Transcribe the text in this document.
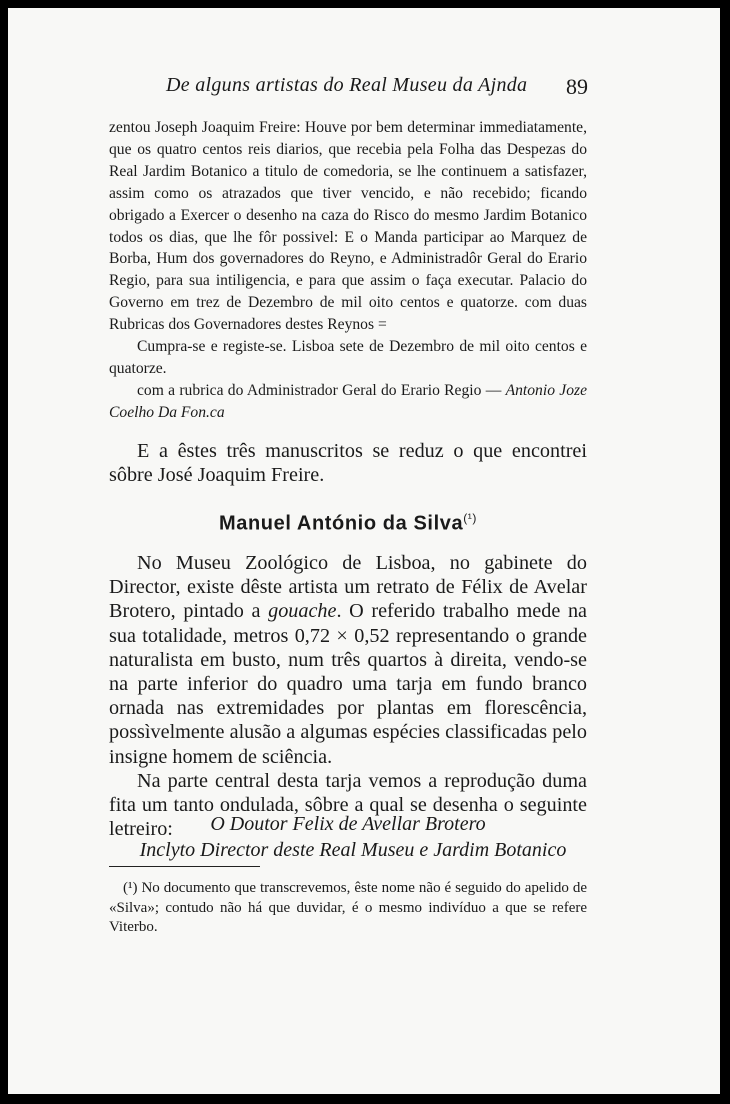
De alguns artistas do Real Museu da Ajnda 89

zentou Joseph Joaquim Freire: Houve por bem determinar immediatamente, que os quatro centos reis diarios, que recebia pela Folha das Despezas do Real Jardim Botanico a titulo de comedoria, se lhe continuem a satisfazer, assim como os atrazados que tiver vencido, e não recebido; ficando obrigado a Exercer o desenho na caza do Risco do mesmo Jardim Botanico todos os dias, que lhe fôr possivel: E o Manda participar ao Marquez de Borba, Hum dos governadores do Reyno, e Administradôr Geral do Erario Regio, para sua intiligencia, e para que assim o faça executar. Palacio do Governo em trez de Dezembro de mil oito centos e quatorze. com duas Rubricas dos Governadores destes Reynos =

Cumpra-se e registe-se. Lisboa sete de Dezembro de mil oito centos e quatorze.

com a rubrica do Administrador Geral do Erario Regio — Antonio Joze Coelho Da Fon.ca

E a êstes três manuscritos se reduz o que encontrei sôbre José Joaquim Freire.

Manuel António da Silva$^{(^1)}$

No Museu Zoológico de Lisboa, no gabinete do Director, existe dêste artista um retrato de Félix de Avelar Brotero, pintado a gouache. O referido trabalho mede na sua totalidade, metros 0,72 × 0,52 representando o grande naturalista em busto, num três quartos à direita, vendo-se na parte inferior do quadro uma tarja em fundo branco ornada nas extremidades por plantas em florescência, possìvelmente alusão a algumas espécies classificadas pelo insigne homem de sciência.

Na parte central desta tarja vemos a reprodução duma fita um tanto ondulada, sôbre a qual se desenha o seguinte letreiro:	O Doutor Felix de Avellar Brotero
Inclyto Director deste Real Museu e Jardim Botanico

(¹) No documento que transcrevemos, êste nome não é seguido do apelido de «Silva»; contudo não há que duvidar, é o mesmo indivíduo a que se refere Viterbo.
